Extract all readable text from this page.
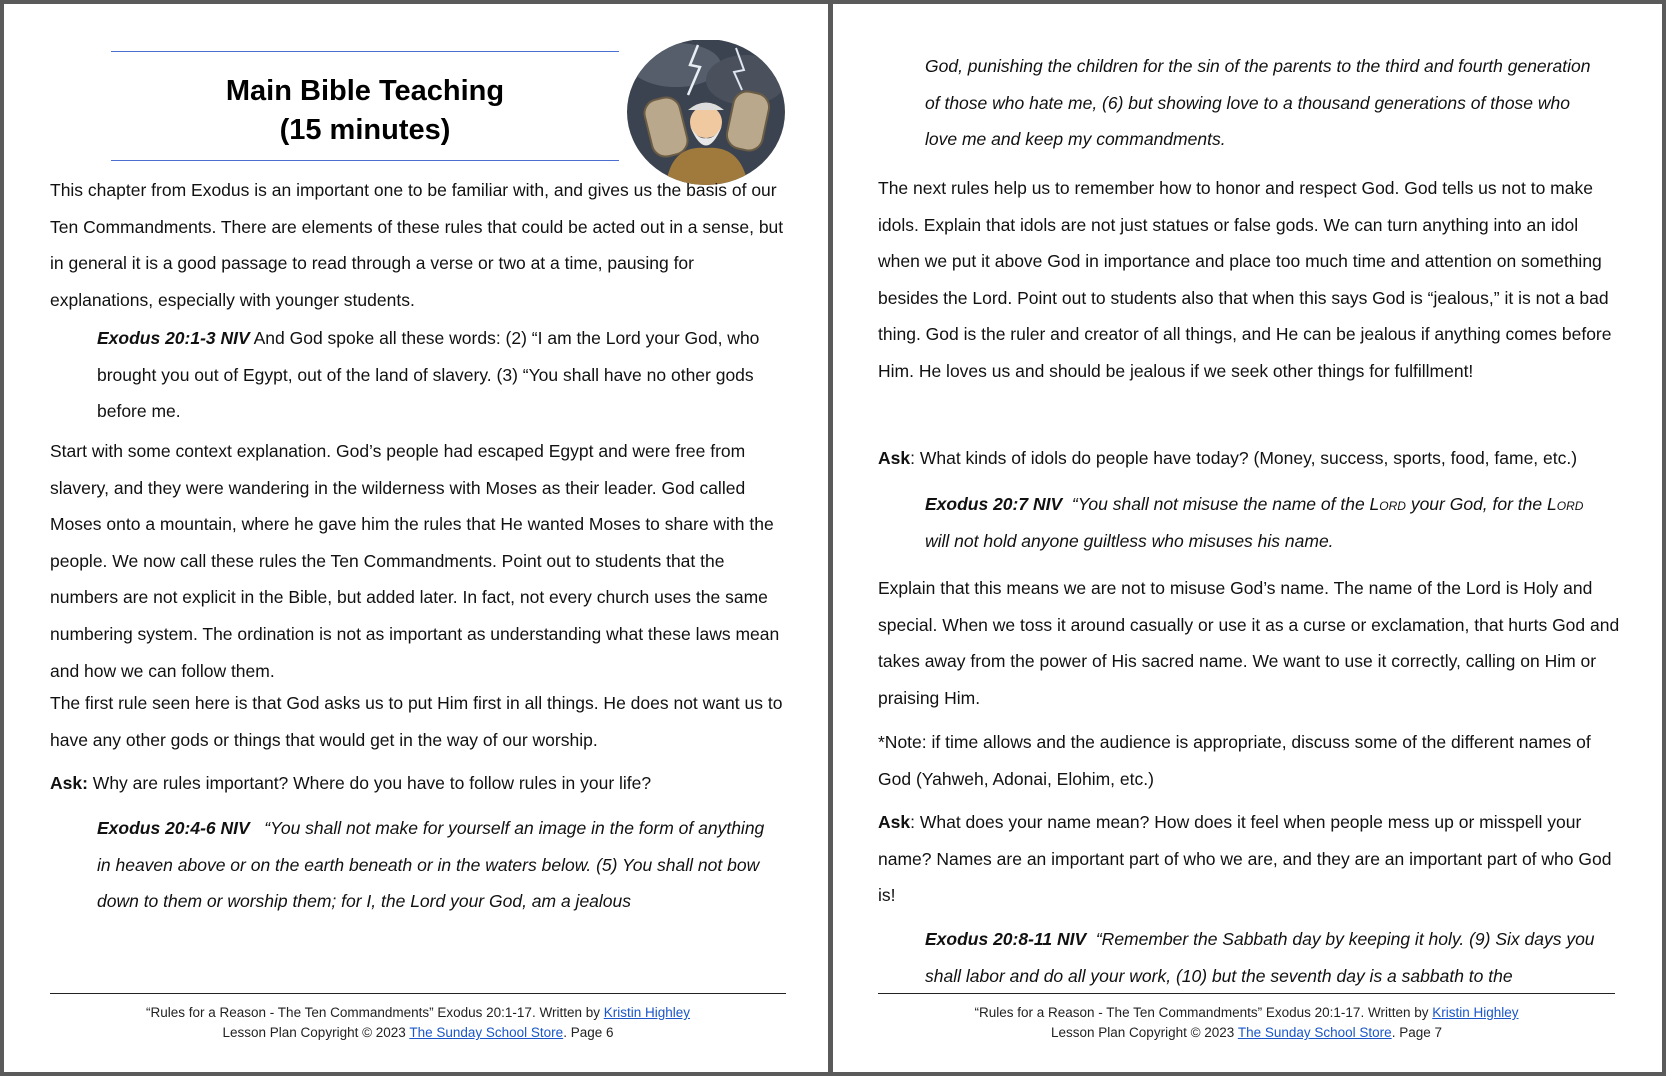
Main Bible Teaching
(15 minutes)
This chapter from Exodus is an important one to be familiar with, and gives us the basis of our Ten Commandments. There are elements of these rules that could be acted out in a sense, but in general it is a good passage to read through a verse or two at a time, pausing for explanations, especially with younger students.
Exodus 20:1-3 NIV And God spoke all these words: (2) “I am the Lord your God, who brought you out of Egypt, out of the land of slavery. (3) “You shall have no other gods before me.
Start with some context explanation. God’s people had escaped Egypt and were free from slavery, and they were wandering in the wilderness with Moses as their leader. God called Moses onto a mountain, where he gave him the rules that He wanted Moses to share with the people. We now call these rules the Ten Commandments. Point out to students that the numbers are not explicit in the Bible, but added later. In fact, not every church uses the same numbering system. The ordination is not as important as understanding what these laws mean and how we can follow them.
The first rule seen here is that God asks us to put Him first in all things. He does not want us to have any other gods or things that would get in the way of our worship.
Ask: Why are rules important? Where do you have to follow rules in your life?
Exodus 20:4-6 NIV “You shall not make for yourself an image in the form of anything in heaven above or on the earth beneath or in the waters below. (5) You shall not bow down to them or worship them; for I, the Lord your God, am a jealous
“Rules for a Reason - The Ten Commandments” Exodus 20:1-17. Written by Kristin Highley
Lesson Plan Copyright © 2023 The Sunday School Store. Page 6
God, punishing the children for the sin of the parents to the third and fourth generation of those who hate me, (6) but showing love to a thousand generations of those who love me and keep my commandments.
The next rules help us to remember how to honor and respect God. God tells us not to make idols. Explain that idols are not just statues or false gods. We can turn anything into an idol when we put it above God in importance and place too much time and attention on something besides the Lord. Point out to students also that when this says God is “jealous,” it is not a bad thing. God is the ruler and creator of all things, and He can be jealous if anything comes before Him. He loves us and should be jealous if we seek other things for fulfillment!
Ask: What kinds of idols do people have today? (Money, success, sports, food, fame, etc.)
Exodus 20:7 NIV “You shall not misuse the name of the Lord your God, for the Lord will not hold anyone guiltless who misuses his name.
Explain that this means we are not to misuse God’s name. The name of the Lord is Holy and special. When we toss it around casually or use it as a curse or exclamation, that hurts God and takes away from the power of His sacred name. We want to use it correctly, calling on Him or praising Him.
*Note: if time allows and the audience is appropriate, discuss some of the different names of God (Yahweh, Adonai, Elohim, etc.)
Ask: What does your name mean? How does it feel when people mess up or misspell your name? Names are an important part of who we are, and they are an important part of who God is!
Exodus 20:8-11 NIV “Remember the Sabbath day by keeping it holy. (9) Six days you shall labor and do all your work, (10) but the seventh day is a sabbath to the
“Rules for a Reason - The Ten Commandments” Exodus 20:1-17. Written by Kristin Highley
Lesson Plan Copyright © 2023 The Sunday School Store. Page 7
